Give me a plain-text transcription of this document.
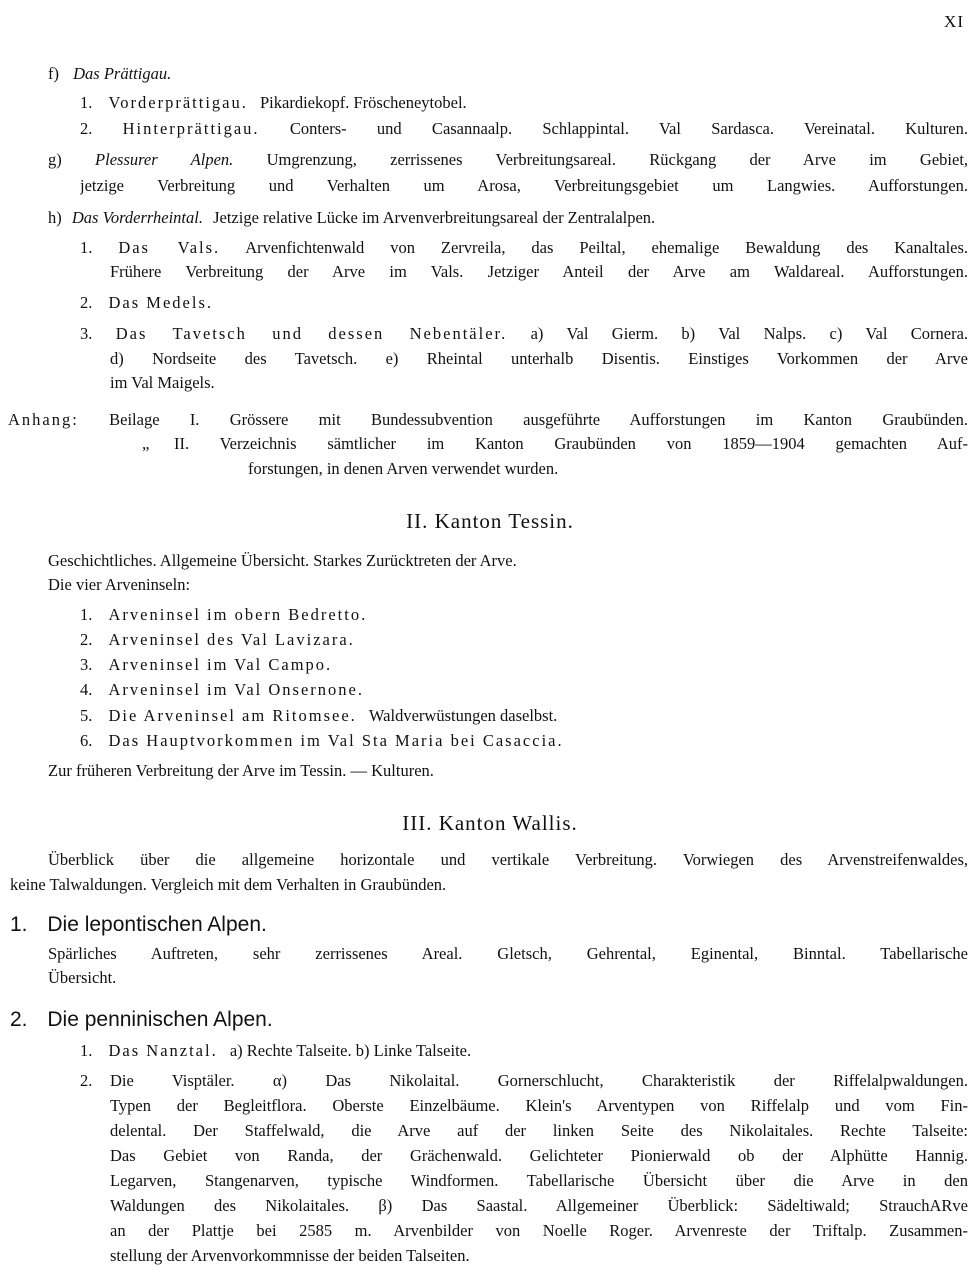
XI
f) Das Prättigau.
1. Vorderprättigau. Pikardiekopf. Fröscheneytobel.
2. Hinterprättigau. Conters- und Casannaalp. Schlappintal. Val Sardasca. Vereinatal. Kulturen.
g) Plessurer Alpen. Umgrenzung, zerrissenes Verbreitungsareal. Rückgang der Arve im Gebiet,
jetzige Verbreitung und Verhalten um Arosa, Verbreitungsgebiet um Langwies. Aufforstungen.
h) Das Vorderrheintal. Jetzige relative Lücke im Arvenverbreitungsareal der Zentralalpen.
1. Das Vals. Arvenfichtenwald von Zervreila, das Peiltal, ehemalige Bewaldung des Kanaltales.
Frühere Verbreitung der Arve im Vals. Jetziger Anteil der Arve am Waldareal. Aufforstungen.
2. Das Medels.
3. Das Tavetsch und dessen Nebentäler. a) Val Gierm. b) Val Nalps. c) Val Cornera.
d) Nordseite des Tavetsch. e) Rheintal unterhalb Disentis. Einstiges Vorkommen der Arve
im Val Maigels.
Anhang: Beilage I. Grössere mit Bundessubvention ausgeführte Aufforstungen im Kanton Graubünden.
„ II. Verzeichnis sämtlicher im Kanton Graubünden von 1859—1904 gemachten Auf-
forstungen, in denen Arven verwendet wurden.
II. Kanton Tessin.
Geschichtliches. Allgemeine Übersicht. Starkes Zurücktreten der Arve.
Die vier Arveninseln:
1. Arveninsel im obern Bedretto.
2. Arveninsel des Val Lavizara.
3. Arveninsel im Val Campo.
4. Arveninsel im Val Onsernone.
5. Die Arveninsel am Ritomsee. Waldverwüstungen daselbst.
6. Das Hauptvorkommen im Val Sta Maria bei Casaccia.
Zur früheren Verbreitung der Arve im Tessin. — Kulturen.
III. Kanton Wallis.
Überblick über die allgemeine horizontale und vertikale Verbreitung. Vorwiegen des Arvenstreifenwaldes,
keine Talwaldungen. Vergleich mit dem Verhalten in Graubünden.
1. Die lepontischen Alpen.
Spärliches Auftreten, sehr zerrissenes Areal. Gletsch, Gehrental, Eginental, Binntal. Tabellarische
Übersicht.
2. Die penninischen Alpen.
1. Das Nanztal. a) Rechte Talseite. b) Linke Talseite.
2. Die Visptäler. α) Das Nikolaital. Gornerschlucht, Charakteristik der Riffelalpwaldungen.
Typen der Begleitflora. Oberste Einzelbäume. Klein's Arventypen von Riffelalp und vom Fin-
delental. Der Staffelwald, die Arve auf der linken Seite des Nikolaitales. Rechte Talseite:
Das Gebiet von Randa, der Grächenwald. Gelichteter Pionierwald ob der Alphütte Hannig.
Legarven, Stangenarven, typische Windformen. Tabellarische Übersicht über die Arve in den
Waldungen des Nikolaitales. β) Das Saastal. Allgemeiner Überblick: Sädeltiwald; StrauchARve
an der Plattje bei 2585 m. Arvenbilder von Noelle Roger. Arvenreste der Triftalp. Zusammen-
stellung der Arvenvorkommnisse der beiden Talseiten.
